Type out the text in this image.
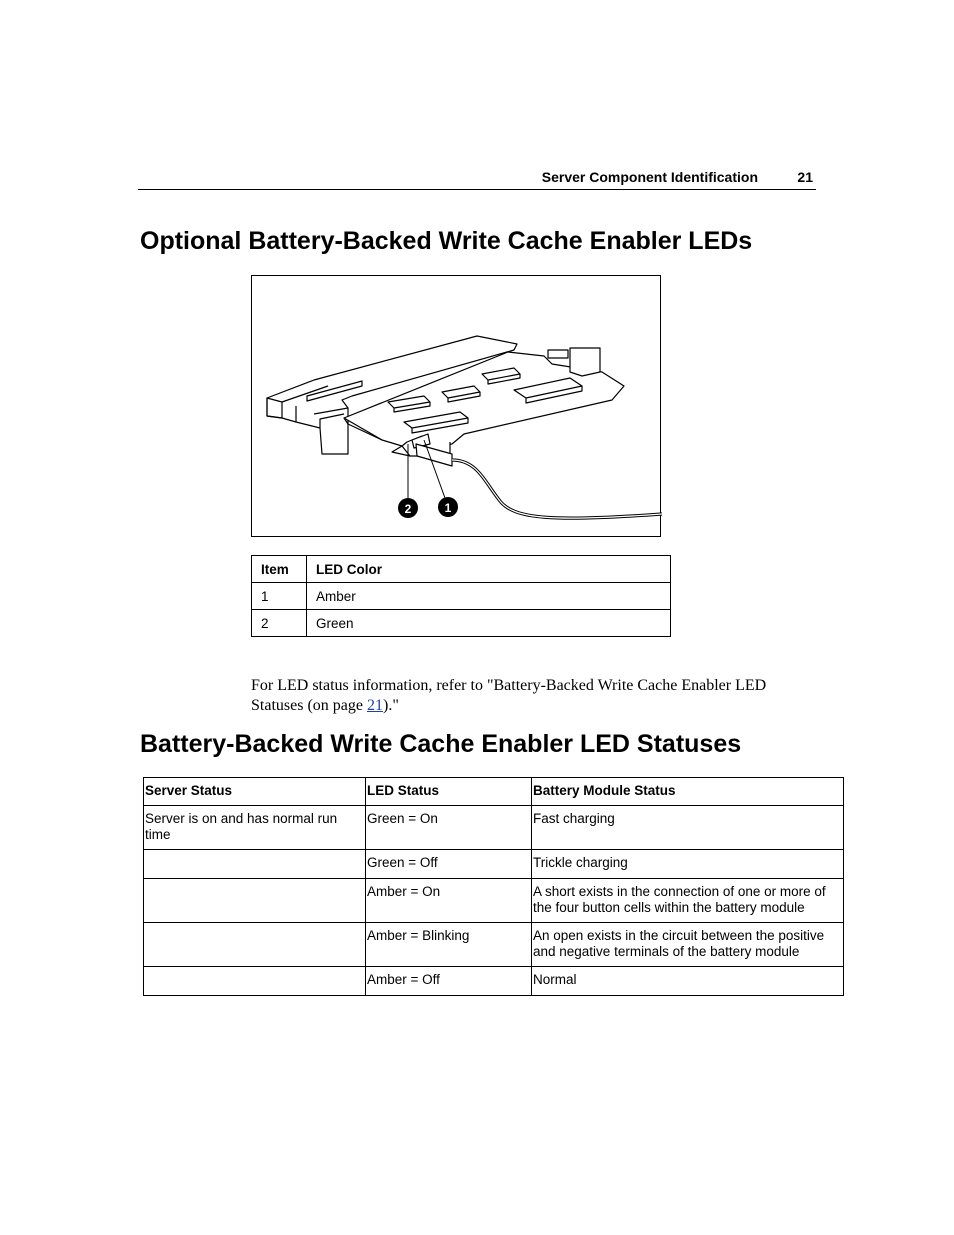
Server Component Identification	21
Optional Battery-Backed Write Cache Enabler LEDs
2	1
Item	LED Color
1	Amber
2	Green

For LED status information, refer to "Battery-Backed Write Cache Enabler LED Statuses (on page 21)."

Battery-Backed Write Cache Enabler LED Statuses
Server Status	LED Status	Battery Module Status
Server is on and has normal run time	Green = On	Fast charging
	Green = Off	Trickle charging
	Amber = On	A short exists in the connection of one or more of the four button cells within the battery module
	Amber = Blinking	An open exists in the circuit between the positive and negative terminals of the battery module
	Amber = Off	Normal
